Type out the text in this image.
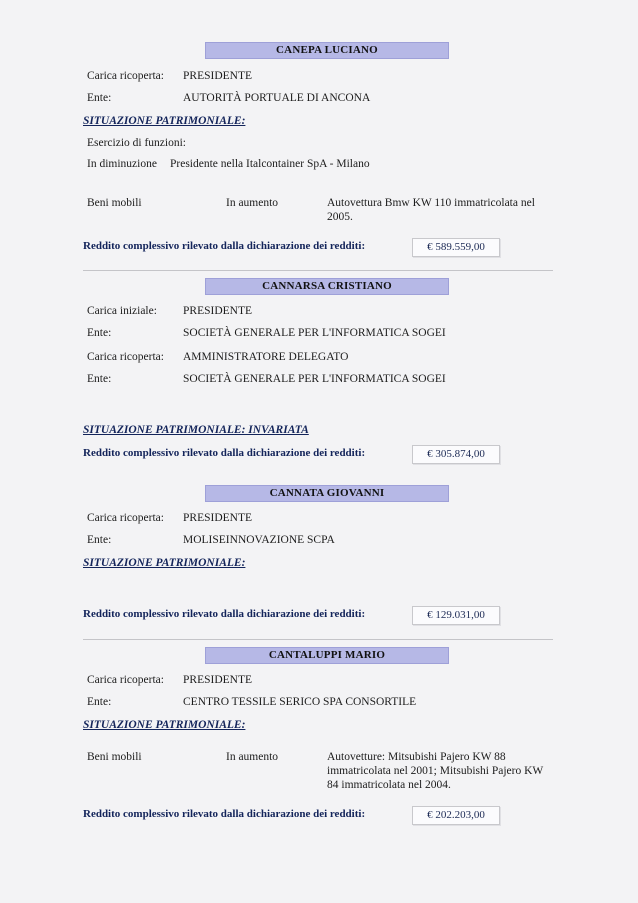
CANEPA LUCIANO
Carica ricoperta: PRESIDENTE
Ente:	AUTORITÀ PORTUALE DI ANCONA
SITUAZIONE PATRIMONIALE:
Esercizio di funzioni:
In diminuzione Presidente nella Italcontainer SpA - Milano
Beni mobili	In aumento	Autovettura Bmw KW 110 immatricolata nel
2005.
Reddito complessivo rilevato dalla dichiarazione dei redditi:	€ 589.559,00
CANNARSA CRISTIANO
Carica iniziale: PRESIDENTE
Ente:	SOCIETÀ GENERALE PER L'INFORMATICA SOGEI
Carica ricoperta: AMMINISTRATORE DELEGATO
Ente:	SOCIETÀ GENERALE PER L'INFORMATICA SOGEI
SITUAZIONE PATRIMONIALE: INVARIATA
Reddito complessivo rilevato dalla dichiarazione dei redditi:	€ 305.874,00
CANNATA GIOVANNI
Carica ricoperta: PRESIDENTE
Ente:	MOLISEINNOVAZIONE SCPA
SITUAZIONE PATRIMONIALE:
Reddito complessivo rilevato dalla dichiarazione dei redditi:	€ 129.031,00
CANTALUPPI MARIO
Carica ricoperta: PRESIDENTE
Ente:	CENTRO TESSILE SERICO SPA CONSORTILE
SITUAZIONE PATRIMONIALE:
Beni mobili	In aumento	Autovetture: Mitsubishi Pajero KW 88
immatricolata nel 2001; Mitsubishi Pajero KW
84 immatricolata nel 2004.
Reddito complessivo rilevato dalla dichiarazione dei redditi:	€ 202.203,00
